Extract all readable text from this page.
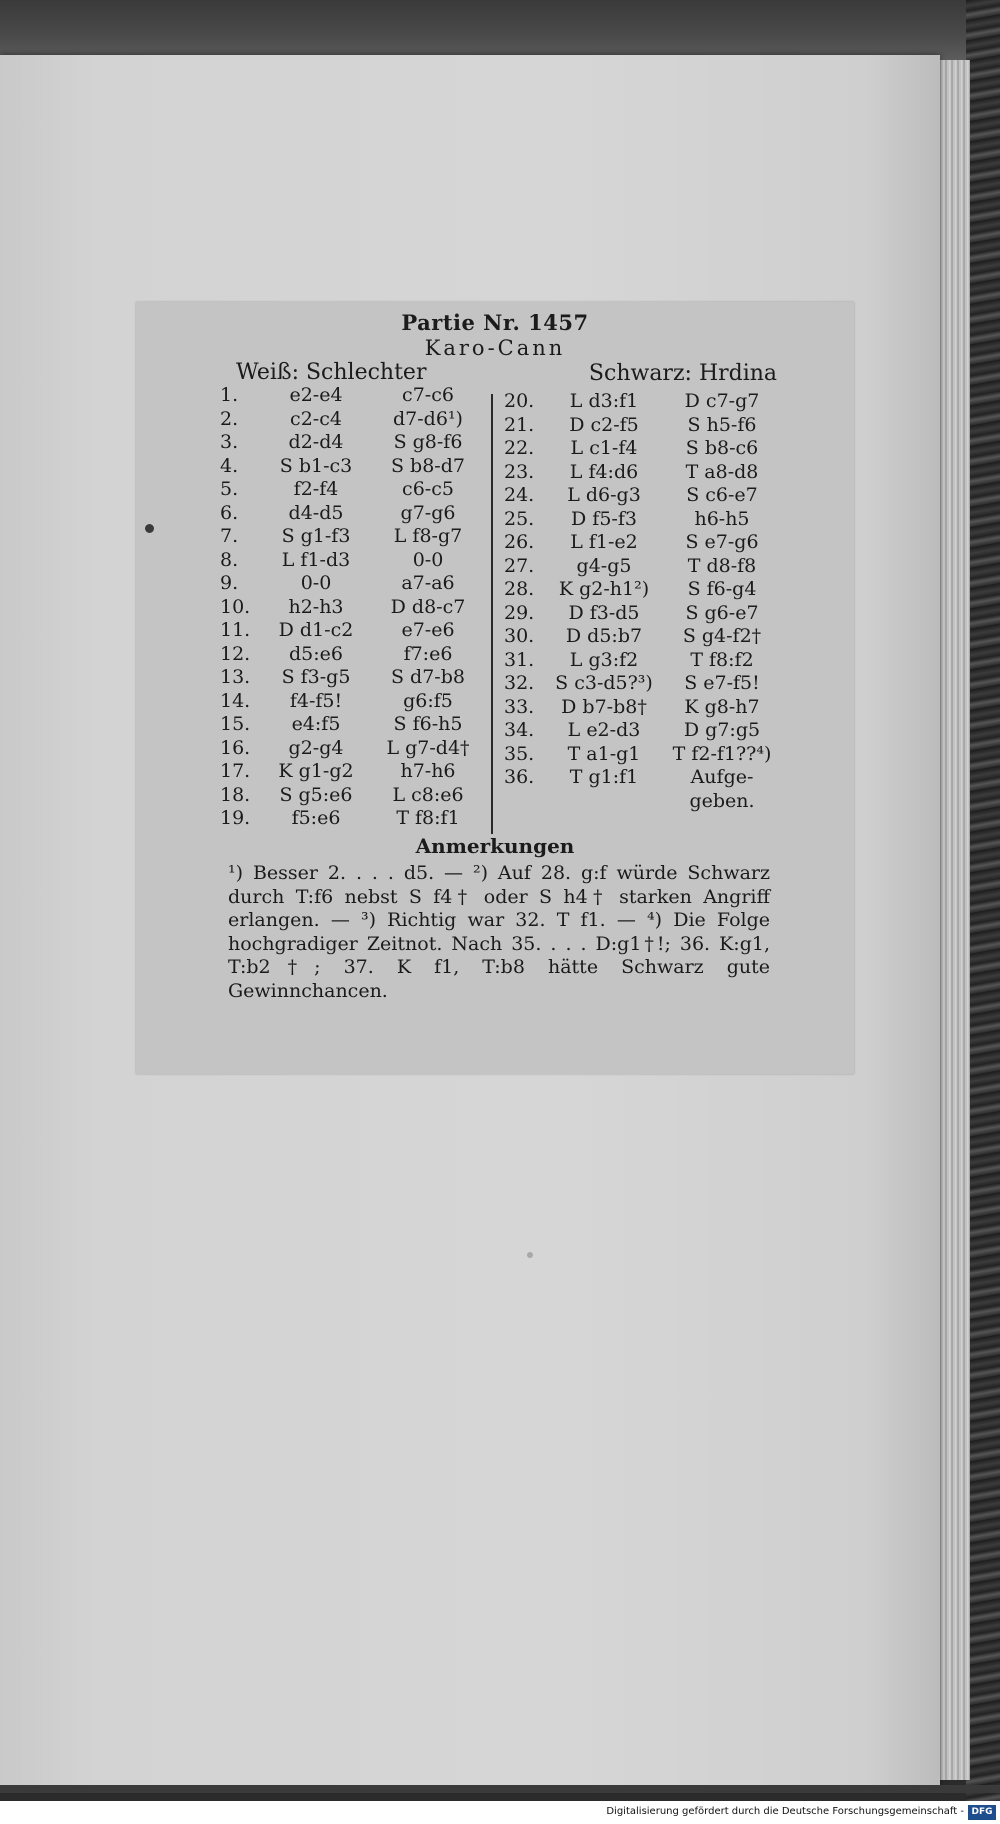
Partie Nr. 1457
Karo-Cann
Weiß: Schlechter	Schwarz: Hrdina
1.	e2-e4	c7-c6
2.	c2-c4	d7-d6¹)
3.	d2-d4	S g8-f6
4.	S b1-c3	S b8-d7
5.	f2-f4	c6-c5
6.	d4-d5	g7-g6
7.	S g1-f3	L f8-g7
8.	L f1-d3	0-0
9.	0-0	a7-a6
10.	h2-h3	D d8-c7
11.	D d1-c2	e7-e6
12.	d5:e6	f7:e6
13.	S f3-g5	S d7-b8
14.	f4-f5!	g6:f5
15.	e4:f5	S f6-h5
16.	g2-g4	L g7-d4†
17.	K g1-g2	h7-h6
18.	S g5:e6	L c8:e6
19.	f5:e6	T f8:f1
20.	L d3:f1	D c7-g7
21.	D c2-f5	S h5-f6
22.	L c1-f4	S b8-c6
23.	L f4:d6	T a8-d8
24.	L d6-g3	S c6-e7
25.	D f5-f3	h6-h5
26.	L f1-e2	S e7-g6
27.	g4-g5	T d8-f8
28.	K g2-h1²)	S f6-g4
29.	D f3-d5	S g6-e7
30.	D d5:b7	S g4-f2†
31.	L g3:f2	T f8:f2
32.	S c3-d5?³)	S e7-f5!
33.	D b7-b8†	K g8-h7
34.	L e2-d3	D g7:g5
35.	T a1-g1	T f2-f1??⁴)
36.	T g1:f1	Aufge-
geben.
Anmerkungen
¹) Besser 2. . . . d5. — ²) Auf 28. g:f würde Schwarz durch T:f6 nebst S f4† oder S h4† starken Angriff erlangen. — ³) Richtig war 32. T f1. — ⁴) Die Folge hochgradiger Zeitnot. Nach 35. . . . D:g1†!; 36. K:g1, T:b2†; 37. K f1, T:b8 hätte Schwarz gute Gewinnchancen.
Digitalisierung gefördert durch die Deutsche Forschungsgemeinschaft - DFG
